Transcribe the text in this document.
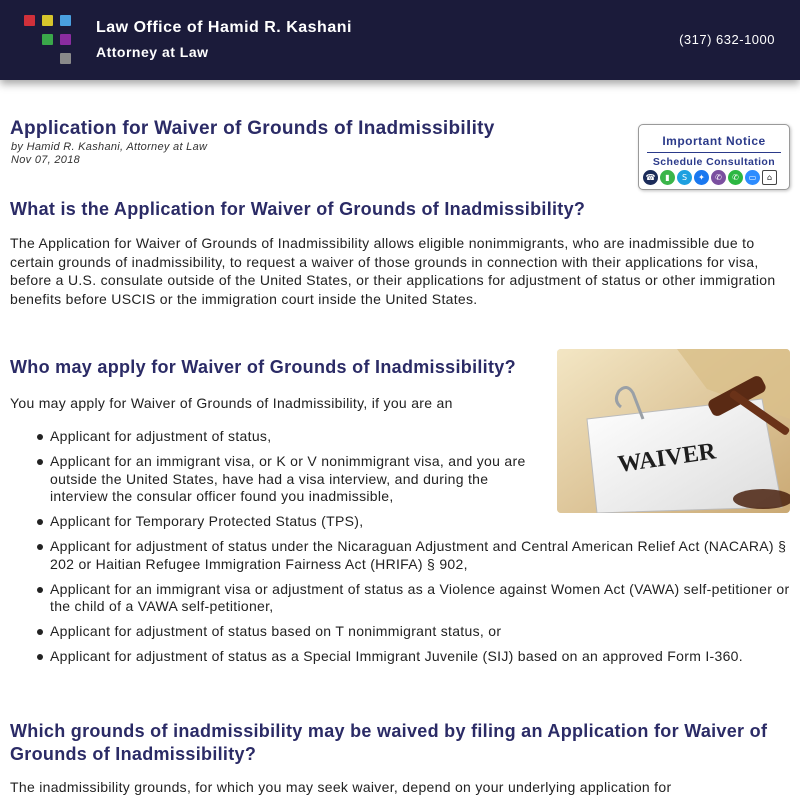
Law Office of Hamid R. Kashani
Attorney at Law
(317) 632-1000
Application for Waiver of Grounds of Inadmissibility
by Hamid R. Kashani, Attorney at Law
Nov 07, 2018
Important Notice
Schedule Consultation
☎	▮	S	✦	✆	✆	▭	⌂
What is the Application for Waiver of Grounds of Inadmissibility?

The Application for Waiver of Grounds of Inadmissibility allows eligible nonimmigrants, who are inadmissible due to certain grounds of inadmissibility, to request a waiver of those grounds in connection with their applications for visa, before a U.S. consulate outside of the United States, or their applications for adjustment of status or other immigration benefits before USCIS or the immigration court inside the United States.

Who may apply for Waiver of Grounds of Inadmissibility?

You may apply for Waiver of Grounds of Inadmissibility, if you are an

WAIVER
Applicant for adjustment of status,
Applicant for an immigrant visa, or K or V nonimmigrant visa, and you are outside the United States, have had a visa interview, and during the interview the consular officer found you inadmissible,
Applicant for Temporary Protected Status (TPS),
Applicant for adjustment of status under the Nicaraguan Adjustment and Central American Relief Act (NACARA) § 202 or Haitian Refugee Immigration Fairness Act (HRIFA) § 902,
Applicant for an immigrant visa or adjustment of status as a Violence against Women Act (VAWA) self-petitioner or the child of a VAWA self-petitioner,
Applicant for adjustment of status based on T nonimmigrant status, or
Applicant for adjustment of status as a Special Immigrant Juvenile (SIJ) based on an approved Form I-360.
Which grounds of inadmissibility may be waived by filing an Application for Waiver of Grounds of Inadmissibility?

The inadmissibility grounds, for which you may seek waiver, depend on your underlying application for
